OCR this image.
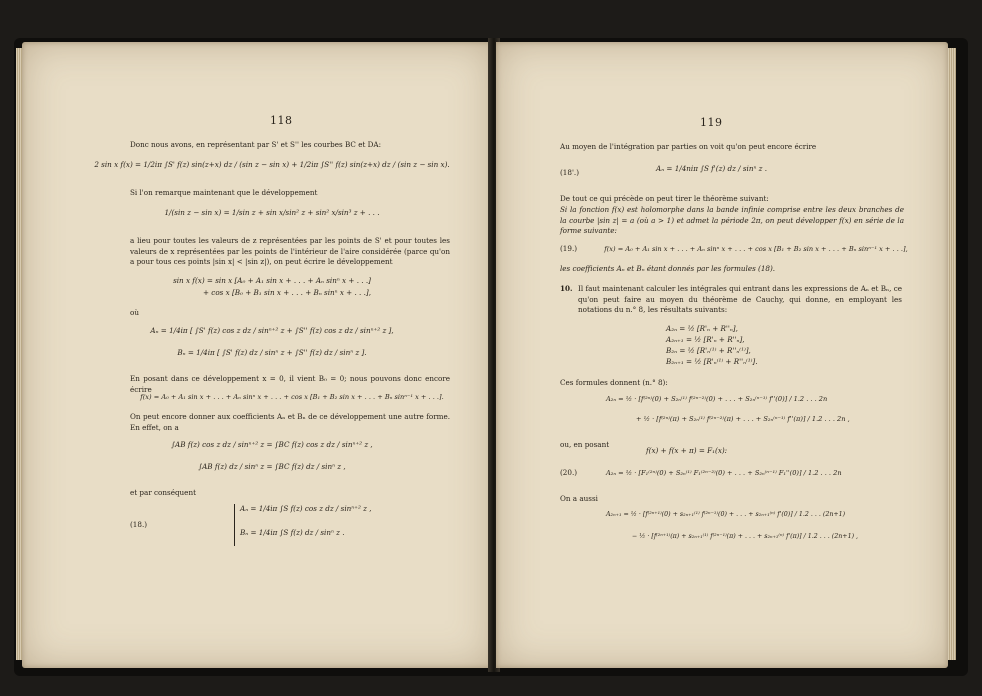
118
Donc nous avons, en représentant par S' et S'' les courbes BC et DA:
2 sin x f(x) = 1/2iπ ∫S' f(z) sin(z+x) dz / (sin z − sin x) + 1/2iπ ∫S'' f(z) sin(z+x) dz / (sin z − sin x).
Si l'on remarque maintenant que le développement
1/(sin z − sin x) = 1/sin z + sin x/sin² z + sin² x/sin³ z + . . .
a lieu pour toutes les valeurs de z représentées par les points de S' et pour toutes les valeurs de x représentées par les points de l'intérieur de l'aire considérée (parce qu'on a pour tous ces points |sin x| < |sin z|), on peut écrire le développement
sin x f(x) = sin x [A₀ + A₁ sin x + . . . + Aₙ sinⁿ x + . . .]
+ cos x [B₀ + B₁ sin x + . . . + Bₙ sinⁿ x + . . .],
où
Aₙ = 1/4iπ [ ∫S' f(z) cos z dz / sinⁿ⁺² z + ∫S'' f(z) cos z dz / sinⁿ⁺² z ],
Bₙ = 1/4iπ [ ∫S' f(z) dz / sinⁿ z + ∫S'' f(z) dz / sinⁿ z ].
En posant dans ce développement x = 0, il vient B₀ = 0; nous pouvons donc encore écrire
f(x) = A₀ + A₁ sin x + . . . + Aₙ sinⁿ x + . . . + cos x [B₁ + B₂ sin x + . . . + Bₙ sinⁿ⁻¹ x + . . .].
On peut encore donner aux coefficients Aₙ et Bₙ de ce développement une autre forme. En effet, on a
∫AB f(z) cos z dz / sinⁿ⁺² z = ∫BC f(z) cos z dz / sinⁿ⁺² z ,
∫AB f(z) dz / sinⁿ z = ∫BC f(z) dz / sinⁿ z ,
et par conséquent
(18.)
Aₙ = 1/4iπ ∫S f(z) cos z dz / sinⁿ⁺² z ,
Bₙ = 1/4iπ ∫S f(z) dz / sinⁿ z .
119
Au moyen de l'intégration par parties on voit qu'on peut encore écrire
(18'.)	Aₙ = 1/4niπ ∫S f'(z) dz / sinⁿ z .
De tout ce qui précède on peut tirer le théorème suivant:
Si la fonction f(x) est holomorphe dans la bande infinie comprise entre les deux branches de la courbe |sin z| = a (où a > 1) et admet la période 2π, on peut développer f(x) en série de la forme suivante:
(19.)	f(x) = A₀ + A₁ sin x + . . . + Aₙ sinⁿ x + . . . + cos x [B₁ + B₂ sin x + . . . + Bₙ sinⁿ⁻¹ x + . . .],
les coefficients Aₙ et Bₙ étant donnés par les formules (18).
10. Il faut maintenant calculer les intégrales qui entrant dans les expressions de Aₙ et Bₙ, ce qu'on peut faire au moyen du théorème de Cauchy, qui donne, en employant les notations du n.° 8, les résultats suivants:
A₂ₙ = ½ [R'ₙ + R''ₙ],
A₂ₙ₊₁ = ½ [R'ₙ + R''ₙ],
B₂ₙ = ½ [R'ₙ⁽¹⁾ + R''ₙ⁽¹⁾],
B₂ₙ₊₁ = ½ [R'ₙ⁽¹⁾ + R''ₙ⁽¹⁾].
Ces formules donnent (n.° 8):
A₂ₙ = ½ · [f⁽²ⁿ⁾(0) + S₂ₙ⁽¹⁾ f⁽²ⁿ⁻²⁾(0) + . . . + S₂ₙ⁽ⁿ⁻¹⁾ f''(0)] / 1.2 . . . 2n
+ ½ · [f⁽²ⁿ⁾(π) + S₂ₙ⁽¹⁾ f⁽²ⁿ⁻²⁾(π) + . . . + S₂ₙ⁽ⁿ⁻¹⁾ f''(π)] / 1.2 . . . 2n ,
ou, en posant
f(x) + f(x + π) = F₁(x):
(20.)	A₂ₙ = ½ · [F₁⁽²ⁿ⁾(0) + S₂ₙ⁽¹⁾ F₁⁽²ⁿ⁻²⁾(0) + . . . + S₂ₙ⁽ⁿ⁻¹⁾ F₁''(0)] / 1.2 . . . 2n
On a aussi
A₂ₙ₊₁ = ½ · [f⁽²ⁿ⁺¹⁾(0) + s₂ₙ₊₁⁽¹⁾ f⁽²ⁿ⁻¹⁾(0) + . . . + s₂ₙ₊₁⁽ⁿ⁾ f'(0)] / 1.2 . . . (2n+1)
− ½ · [f⁽²ⁿ⁺¹⁾(π) + s₂ₙ₊₁⁽¹⁾ f⁽²ⁿ⁻¹⁾(π) + . . . + s₂ₙ₊₁⁽ⁿ⁾ f'(π)] / 1.2 . . . (2n+1) ,
